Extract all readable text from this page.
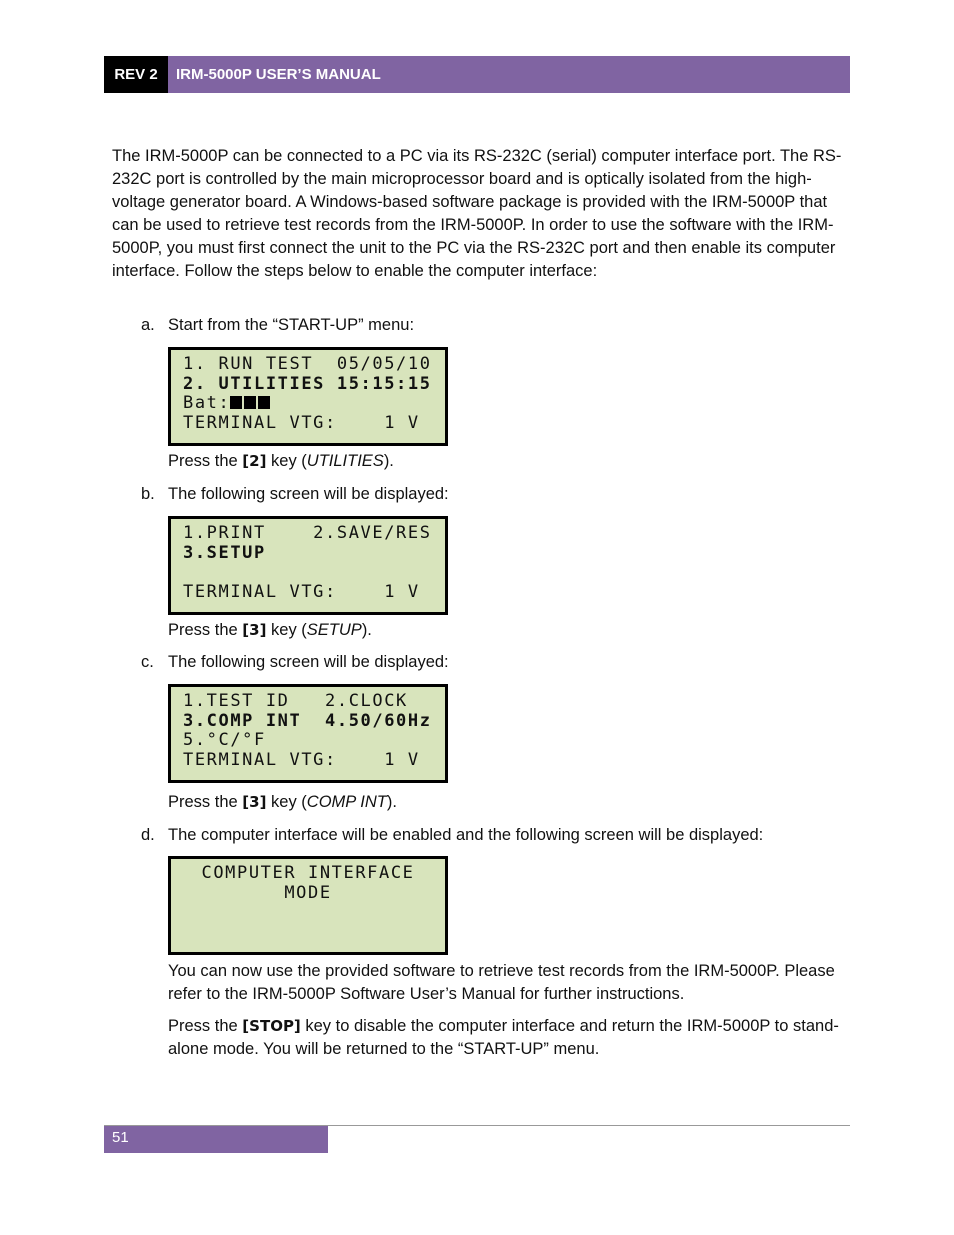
REV 2	IRM-5000P USER’S MANUAL
The IRM-5000P can be connected to a PC via its RS-232C (serial) computer interface port. The RS-232C port is controlled by the main microprocessor board and is optically isolated from the high-voltage generator board. A Windows-based software package is provided with the IRM-5000P that can be used to retrieve test records from the IRM-5000P. In order to use the software with the IRM-5000P, you must first connect the unit to the PC via the RS-232C port and then enable its computer interface. Follow the steps below to enable the computer interface:
a. Start from the “START-UP” menu:
1. RUN TEST  05/05/10
2. UTILITIES 15:15:15
Bat:
TERMINAL VTG:    1 V
Press the [2] key (UTILITIES).
b. The following screen will be displayed:
1.PRINT    2.SAVE/RES
3.SETUP
TERMINAL VTG:    1 V
Press the [3] key (SETUP).
c. The following screen will be displayed:
1.TEST ID   2.CLOCK
3.COMP INT  4.50/60Hz
5.°C/°F
TERMINAL VTG:    1 V
Press the [3] key (COMP INT).
d. The computer interface will be enabled and the following screen will be displayed:
COMPUTER INTERFACE
MODE
You can now use the provided software to retrieve test records from the IRM-5000P. Please refer to the IRM-5000P Software User’s Manual for further instructions.
Press the [STOP] key to disable the computer interface and return the IRM-5000P to stand-alone mode. You will be returned to the “START-UP” menu.
51
